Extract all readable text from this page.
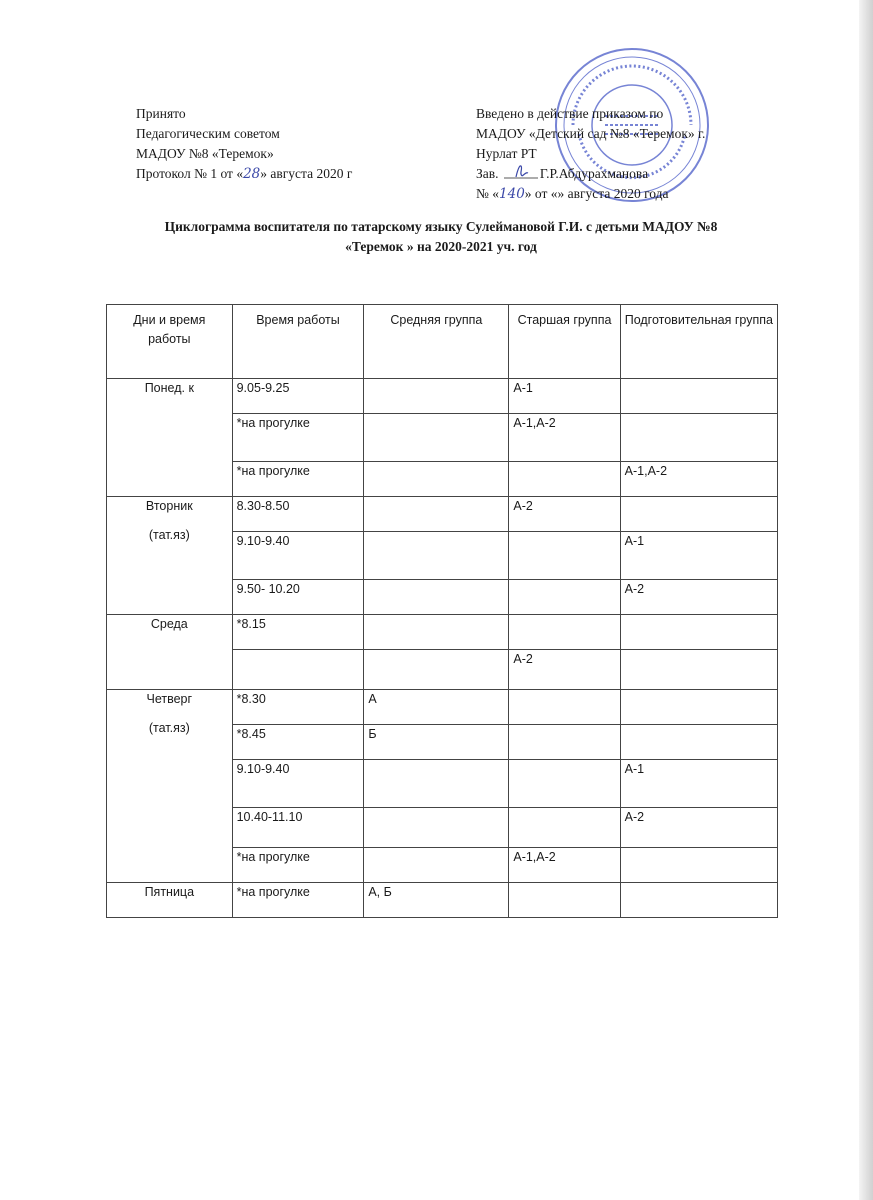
Принято
Педагогическим советом
МАДОУ №8 «Теремок»
Протокол № 1 от «28» августа 2020 г
Введено в действие приказом по
МАДОУ «Детский сад №8 «Теремок» г.
Нурлат РТ
Зав.	Г.Р.Абдурахманова
№ «140» от «» августа 2020 года
Циклограмма воспитателя по татарскому языку Сулеймановой Г.И. с детьми МАДОУ №8
«Теремок » на 2020-2021 уч. год
Дни и время работы	Время работы	Средняя группа	Старшая группа	Подготовительная группа
Понед. к	9.05-9.25		А-1	
	*на прогулке		А-1,А-2	
	*на прогулке			А-1,А-2
Вторник
(тат.яз)	8.30-8.50		А-2	
	9.10-9.40			А-1
	9.50- 10.20			А-2
Среда	*8.15			
			А-2	
Четверг
(тат.яз)	*8.30	А		
	*8.45	Б		
	9.10-9.40			А-1
	10.40-11.10			А-2
	*на прогулке		А-1,А-2	
Пятница	*на прогулке	А, Б		
